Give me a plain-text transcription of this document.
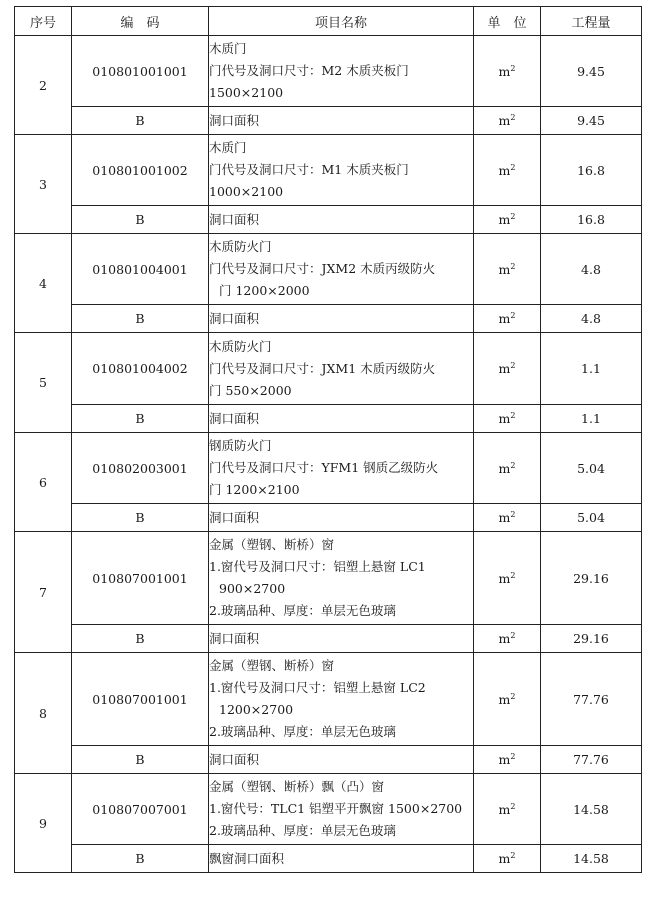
序号	编　码	项目名称	单　位	工程量
2	010801001001	木质门
门代号及洞口尺寸：M2 木质夹板门
1500×2100	$m^2$	9.45
	B	洞口面积	$m^2$	9.45
3	010801001002	木质门
门代号及洞口尺寸：M1 木质夹板门
1000×2100	$m^2$	16.8
	B	洞口面积	$m^2$	16.8
4	010801004001	木质防火门
门代号及洞口尺寸：JXM2 木质丙级防火
门 1200×2000	$m^2$	4.8
	B	洞口面积	$m^2$	4.8
5	010801004002	木质防火门
门代号及洞口尺寸：JXM1 木质丙级防火
门 550×2000	$m^2$	1.1
	B	洞口面积	$m^2$	1.1
6	010802003001	钢质防火门
门代号及洞口尺寸：YFM1 钢质乙级防火
门 1200×2100	$m^2$	5.04
	B	洞口面积	$m^2$	5.04
7	010807001001	金属（塑钢、断桥）窗
1.窗代号及洞口尺寸：铝塑上悬窗 LC1
900×2700
2.玻璃品种、厚度：单层无色玻璃	$m^2$	29.16
	B	洞口面积	$m^2$	29.16
8	010807001001	金属（塑钢、断桥）窗
1.窗代号及洞口尺寸：铝塑上悬窗 LC2
1200×2700
2.玻璃品种、厚度：单层无色玻璃	$m^2$	77.76
	B	洞口面积	$m^2$	77.76
9	010807007001	金属（塑钢、断桥）飘（凸）窗
1.窗代号：TLC1 铝塑平开飘窗 1500×2700
2.玻璃品种、厚度：单层无色玻璃	$m^2$	14.58
	B	飘窗洞口面积	$m^2$	14.58
